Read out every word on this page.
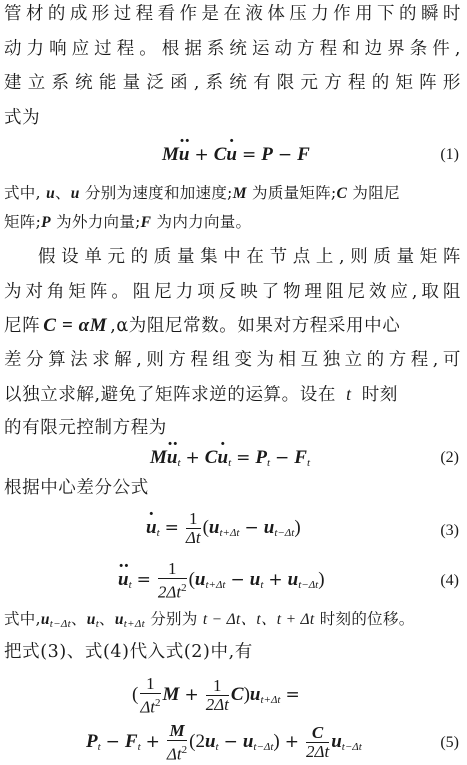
管材的成形过程看作是在液体压力作用下的瞬时
动力响应过程。根据系统运动方程和边界条件,
建立系统能量泛函,系统有限元方程的矩阵形
式为
M·· u + C· u = P − F	(1)
式中, · u、·· u 分别为速度和加速度;M 为质量矩阵;C 为阻尼
矩阵;P 为外力向量;F 为内力向量。
假设单元的质量集中在节点上,则质量矩阵
为对角矩阵。阻尼力项反映了物理阻尼效应,取阻
尼阵 C = αM ,α为阻尼常数。如果对方程采用中心
差分算法求解,则方程组变为相互独立的方程,可
以独立求解,避免了矩阵求逆的运算。设在 t 时刻
的有限元控制方程为
$M\cdot\cdot u_t + C\cdot u_t = P_t - F_t$	(2)
根据中心差分公式
· $u_t = \frac{1}{\Delta t} (u_{t+\Delta t} - u_{t-\Delta t})$	(3)
·· $u_t = \frac{1}{2\Delta t^2} (u_{t+\Delta t} - u_t + u_{t-\Delta t})$	(4)
式中$,u_{t-\Delta t}$、$u_t$、$u_{t+\Delta t}$ 分别为 t − Δt、t、t + Δt 时刻的位移。
把式(3)、式(4)代入式(2)中,有
( $\frac{1}{\Delta t^2}$ $M + \frac{1}{2\Delta t} C)u_{t+\Delta t}$ =
$P_t - F_t + \frac{M}{\Delta t^2} (2u_t - u_{t-\Delta t}) + \frac{C}{2\Delta t} u_{t-\Delta t}$	(5)
